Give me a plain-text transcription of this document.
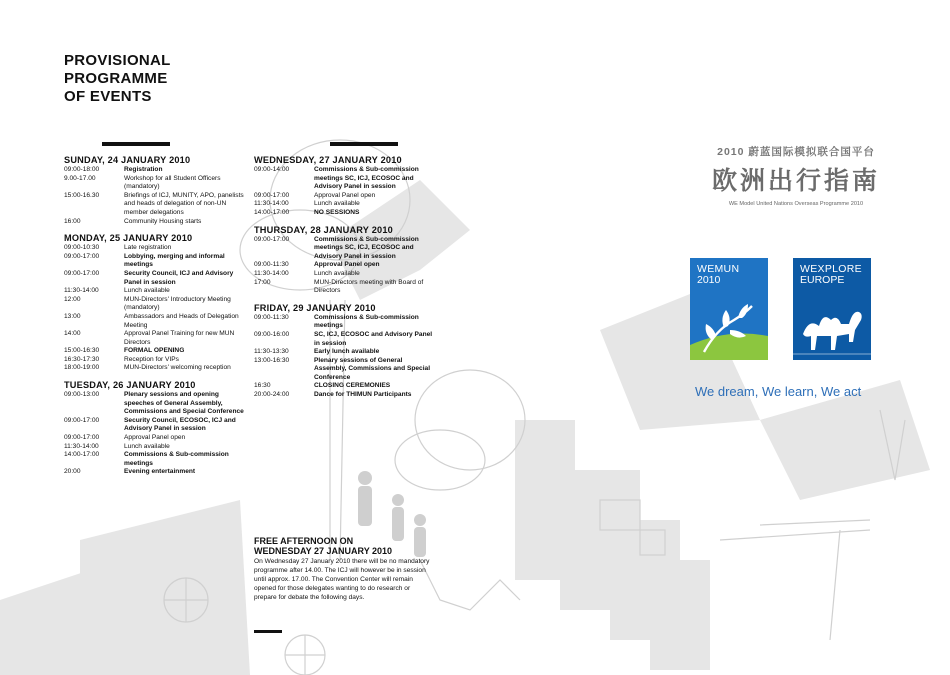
PROVISIONAL
PROGRAMME
OF EVENTS
SUNDAY, 24 JANUARY 2010
09:00-18:00	Registration
9.00-17.00	Workshop for all Student Officers (mandatory)
15:00-16.30	Briefings of ICJ, MUNITY, APO, panelists and heads of delegation of non-UN member delegations
16:00	Community Housing starts
MONDAY, 25 JANUARY 2010
09:00-10:30	Late registration
09:00-17:00	Lobbying, merging and informal meetings
09:00-17:00	Security Council, ICJ and Advisory Panel in session
11:30-14:00	Lunch available
12:00	MUN-Directors' Introductory Meeting (mandatory)
13:00	Ambassadors and Heads of Delegation Meeting
14:00	Approval Panel Training for new MUN Directors
15:00-16:30	FORMAL OPENING
16:30-17:30	Reception for VIPs
18:00-19:00	MUN-Directors' welcoming reception
TUESDAY, 26 JANUARY 2010
09:00-13:00	Plenary sessions and opening speeches of General Assembly, Commissions and Special Conference
09:00-17:00	Security Council, ECOSOC, ICJ and Advisory Panel in session
09:00-17:00	Approval Panel open
11:30-14:00	Lunch available
14:00-17:00	Commissions & Sub-commission meetings
20:00	Evening entertainment
WEDNESDAY, 27 JANUARY 2010
09:00-14:00	Commissions & Sub-commission meetings SC, ICJ, ECOSOC and Advisory Panel in session
09:00-17:00	Approval Panel open
11:30-14:00	Lunch available
14:00-17:00	NO SESSIONS
THURSDAY, 28 JANUARY 2010
09:00-17:00	Commissions & Sub-commission meetings SC, ICJ, ECOSOC and Advisory Panel in session
09:00-11:30	Approval Panel open
11:30-14:00	Lunch available
17:00	MUN-Directors meeting with Board of Directors
FRIDAY, 29 JANUARY 2010
09:00-11:30	Commissions & Sub-commission meetings
09:00-16:00	SC, ICJ, ECOSOC and Advisory Panel in session
11:30-13:30	Early lunch available
13:00-16:30	Plenary sessions of General Assembly, Commissions and Special Conference
16:30	CLOSING CEREMONIES
20:00-24:00	Dance for THIMUN Participants
FREE AFTERNOON ON
WEDNESDAY 27 JANUARY 2010
On Wednesday 27 January 2010 there will be no mandatory programme after 14.00. The ICJ will however be in session until approx. 17.00. The Convention Center will remain opened for those delegates wanting to do research or prepare for debate the following days.
2010 蔚蓝国际模拟联合国平台
欧洲出行指南
WE Model United Nations Overseas Programme 2010
WEMUN
2010
WEXPLORE
EUROPE
We dream, We learn, We act
